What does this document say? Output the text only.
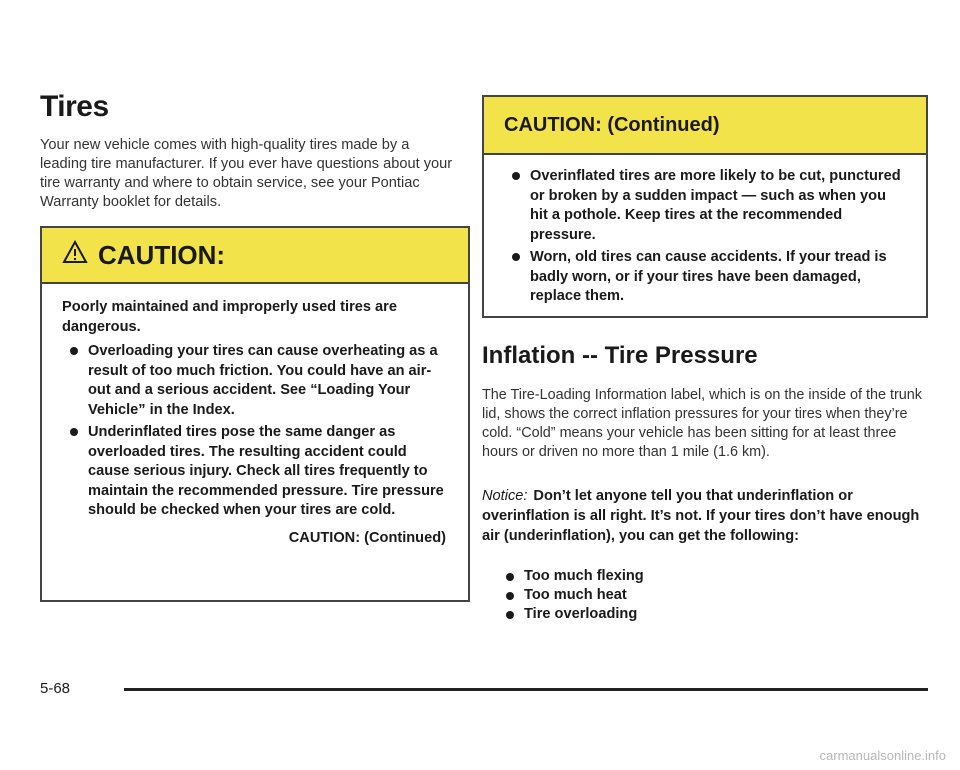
Tires

Your new vehicle comes with high-quality tires made by a leading tire manufacturer. If you ever have questions about your tire warranty and where to obtain service, see your Pontiac Warranty booklet for details.

CAUTION:

Poorly maintained and improperly used tires are dangerous.

Overloading your tires can cause overheating as a result of too much friction. You could have an air-out and a serious accident. See “Loading Your Vehicle” in the Index.
Underinflated tires pose the same danger as overloaded tires. The resulting accident could cause serious injury. Check all tires frequently to maintain the recommended pressure. Tire pressure should be checked when your tires are cold.
CAUTION: (Continued)
CAUTION: (Continued)
Overinflated tires are more likely to be cut, punctured or broken by a sudden impact — such as when you hit a pothole. Keep tires at the recommended pressure.
Worn, old tires can cause accidents. If your tread is badly worn, or if your tires have been damaged, replace them.
Inflation -- Tire Pressure

The Tire-Loading Information label, which is on the inside of the trunk lid, shows the correct inflation pressures for your tires when they’re cold. “Cold” means your vehicle has been sitting for at least three hours or driven no more than 1 mile (1.6 km).

Notice: Don’t let anyone tell you that underinflation or overinflation is all right. It’s not. If your tires don’t have enough air (underinflation), you can get the following:

Too much flexing
Too much heat
Tire overloading
5-68
carmanualsonline.info
